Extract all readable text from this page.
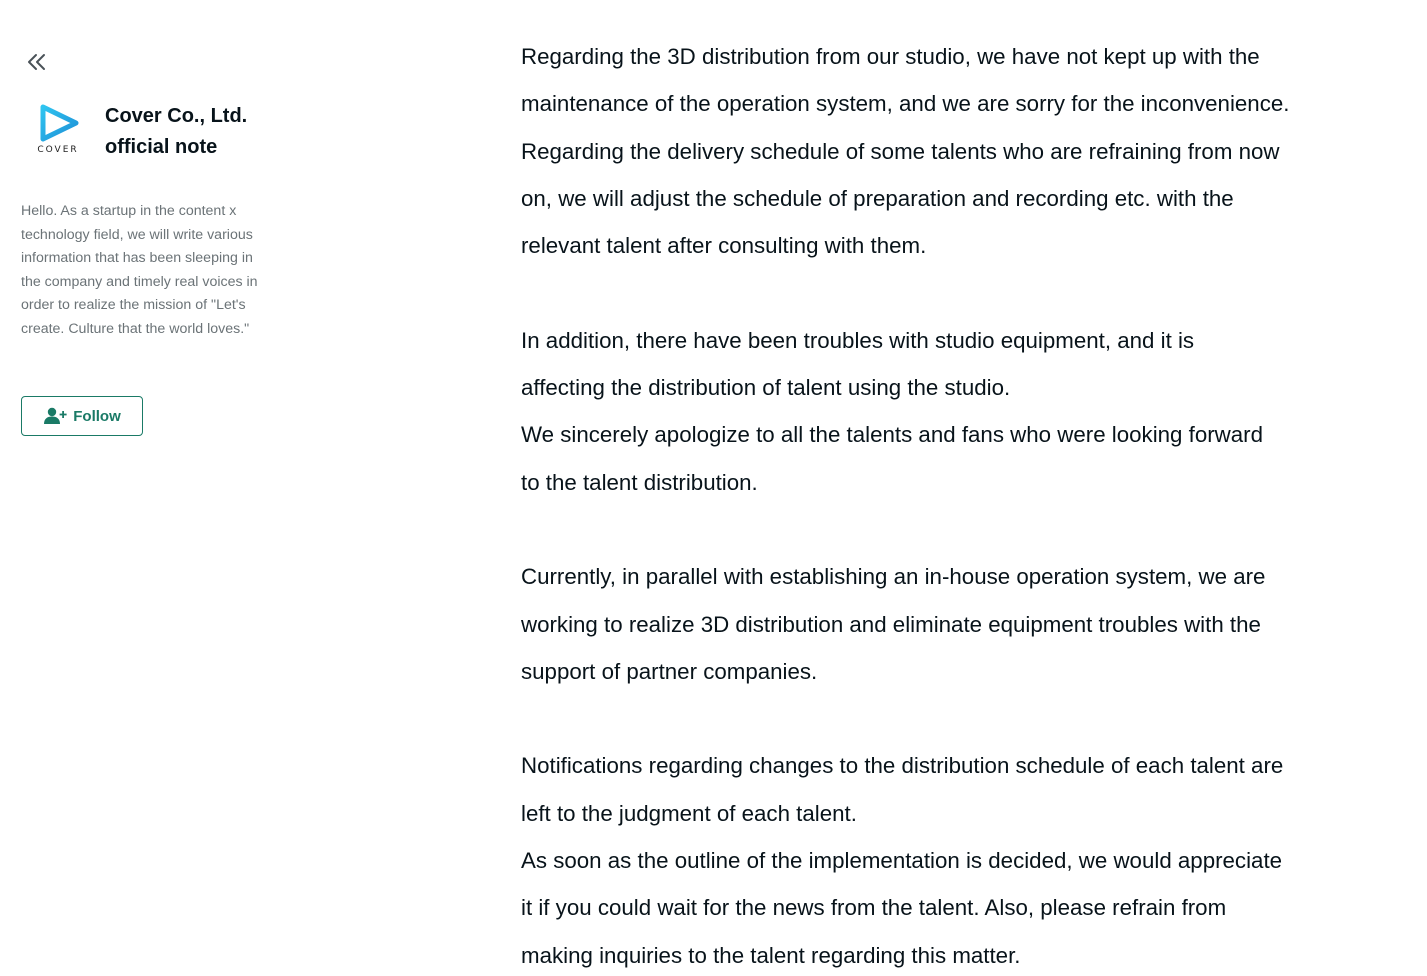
COVER
Cover Co., Ltd.
official note
Hello. As a startup in the content x technology field, we will write various information that has been sleeping in the company and timely real voices in order to realize the mission of "Let's create. Culture that the world loves."
Follow

Regarding the 3D distribution from our studio, we have not kept up with the

maintenance of the operation system, and we are sorry for the inconvenience.

Regarding the delivery schedule of some talents who are refraining from now

on, we will adjust the schedule of preparation and recording etc. with the

relevant talent after consulting with them.

In addition, there have been troubles with studio equipment, and it is

affecting the distribution of talent using the studio.

We sincerely apologize to all the talents and fans who were looking forward

to the talent distribution.

Currently, in parallel with establishing an in-house operation system, we are

working to realize 3D distribution and eliminate equipment troubles with the

support of partner companies.

Notifications regarding changes to the distribution schedule of each talent are

left to the judgment of each talent.

As soon as the outline of the implementation is decided, we would appreciate

it if you could wait for the news from the talent. Also, please refrain from

making inquiries to the talent regarding this matter.
